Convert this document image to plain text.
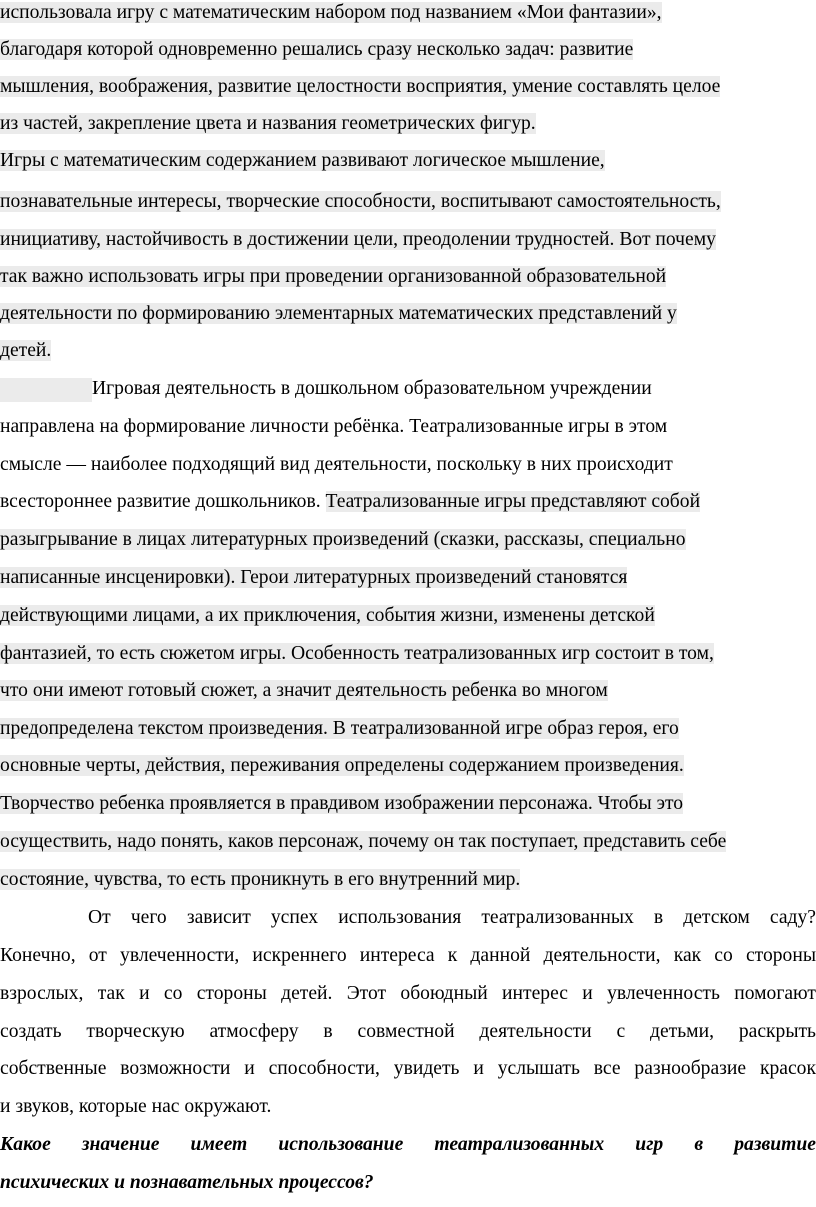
использовала игру с математическим набором под названием «Мои фантазии»,
благодаря которой одновременно решались сразу несколько задач: развитие
мышления, воображения, развитие целостности восприятия, умение составлять целое
из частей, закрепление цвета и названия геометрических фигур.
Игры с математическим содержанием развивают логическое мышление,
познавательные интересы, творческие способности, воспитывают самостоятельность,
инициативу, настойчивость в достижении цели, преодолении трудностей. Вот почему
так важно использовать игры при проведении организованной образовательной
деятельности по формированию элементарных математических представлений у
детей.
Игровая деятельность в дошкольном образовательном учреждении
направлена на формирование личности ребёнка. Театрализованные игры в этом
смысле — наиболее подходящий вид деятельности, поскольку в них происходит
всестороннее развитие дошкольников. Театрализованные игры представляют собой
разыгрывание в лицах литературных произведений (сказки, рассказы, специально
написанные инсценировки). Герои литературных произведений становятся
действующими лицами, а их приключения, события жизни, изменены детской
фантазией, то есть сюжетом игры. Особенность театрализованных игр состоит в том,
что они имеют готовый сюжет, а значит деятельность ребенка во многом
предопределена текстом произведения. В театрализованной игре образ героя, его
основные черты, действия, переживания определены содержанием произведения.
Творчество ребенка проявляется в правдивом изображении персонажа. Чтобы это
осуществить, надо понять, каков персонаж, почему он так поступает, представить себе
состояние, чувства, то есть проникнуть в его внутренний мир.
От чего зависит успех использования театрализованных в детском саду?
Конечно, от увлеченности, искреннего интереса к данной деятельности, как со стороны
взрослых, так и со стороны детей. Этот обоюдный интерес и увлеченность помогают
создать творческую атмосферу в совместной деятельности с детьми, раскрыть
собственные возможности и способности, увидеть и услышать все разнообразие красок
и звуков, которые нас окружают.
Какое значение имеет использование театрализованных игр в развитие
психических и познавательных процессов?
